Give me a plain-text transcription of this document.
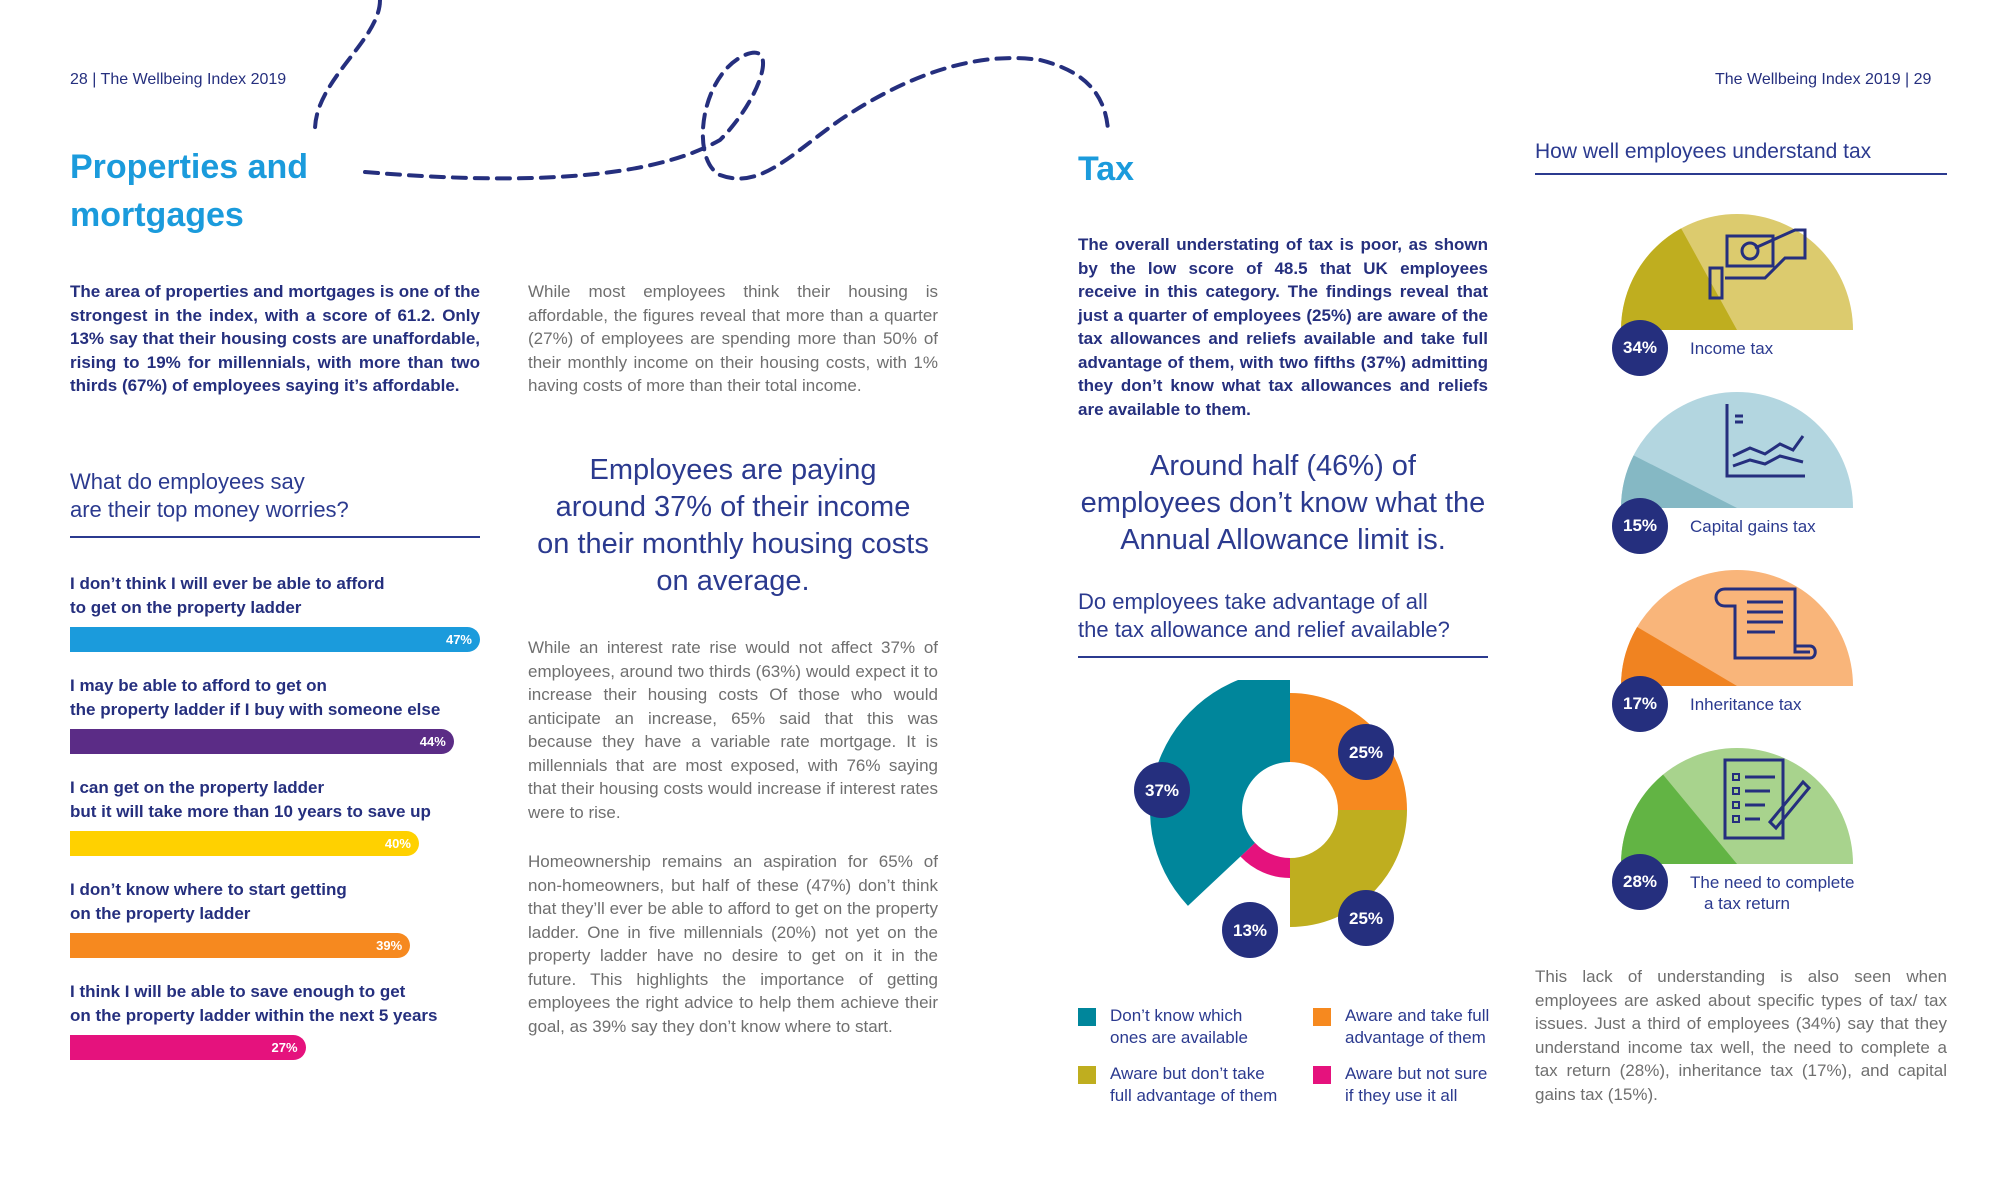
28 | The Wellbeing Index 2019
Properties and
mortgages
The area of properties and mortgages is one of the strongest in the index, with a score of 61.2. Only 13% say that their housing costs are unaffordable, rising to 19% for millennials, with more than two thirds (67%) of employees saying it’s affordable.
What do employees say
are their top money worries?
I don’t think I will ever be able to afford
to get on the property ladder
47%
I may be able to afford to get on
the property ladder if I buy with someone else
44%
I can get on the property ladder
but it will take more than 10 years to save up
40%
I don’t know where to start getting
on the property ladder
39%
I think I will be able to save enough to get
on the property ladder within the next 5 years
27%
While most employees think their housing is affordable, the figures reveal that more than a quarter (27%) of employees are spending more than 50% of their monthly income on their housing costs, with 1% having costs of more than their total income.
Employees are paying
around 37% of their income
on their monthly housing costs
on average.
While an interest rate rise would not affect 37% of employees, around two thirds (63%) would expect it to increase their housing costs Of those who would anticipate an increase, 65% said that this was because they have a variable rate mortgage. It is millennials that are most exposed, with 76% saying that their housing costs would increase if interest rates were to rise.
Homeownership remains an aspiration for 65% of non-homeowners, but half of these (47%) don’t think that they’ll ever be able to afford to get on the property ladder. One in five millennials (20%) not yet on the property ladder have no desire to get on it in the future. This highlights the importance of getting employees the right advice to help them achieve their goal, as 39% say they don’t know where to start.
The Wellbeing Index 2019 | 29
Tax
The overall understating of tax is poor, as shown by the low score of 48.5 that UK employees receive in this category. The findings reveal that just a quarter of employees (25%) are aware of the tax allowances and reliefs available and take full advantage of them, with two fifths (37%) admitting they don’t know what tax allowances and reliefs are available to them.
Around half (46%) of
employees don’t know what the
Annual Allowance limit is.
Do employees take advantage of all
the tax allowance and relief available?
25%
25%
13%
37%
Don’t know which
ones are available
Aware and take full
advantage of them
Aware but don’t take
full advantage of them
Aware but not sure
if they use it all
How well employees understand tax
34%	Income tax
15%	Capital gains tax
17%	Inheritance tax
28%	The need to complete
a tax return
This lack of understanding is also seen when employees are asked about specific types of tax/ tax issues. Just a third of employees (34%) say that they understand income tax well, the need to complete a tax return (28%), inheritance tax (17%), and capital gains tax (15%).
